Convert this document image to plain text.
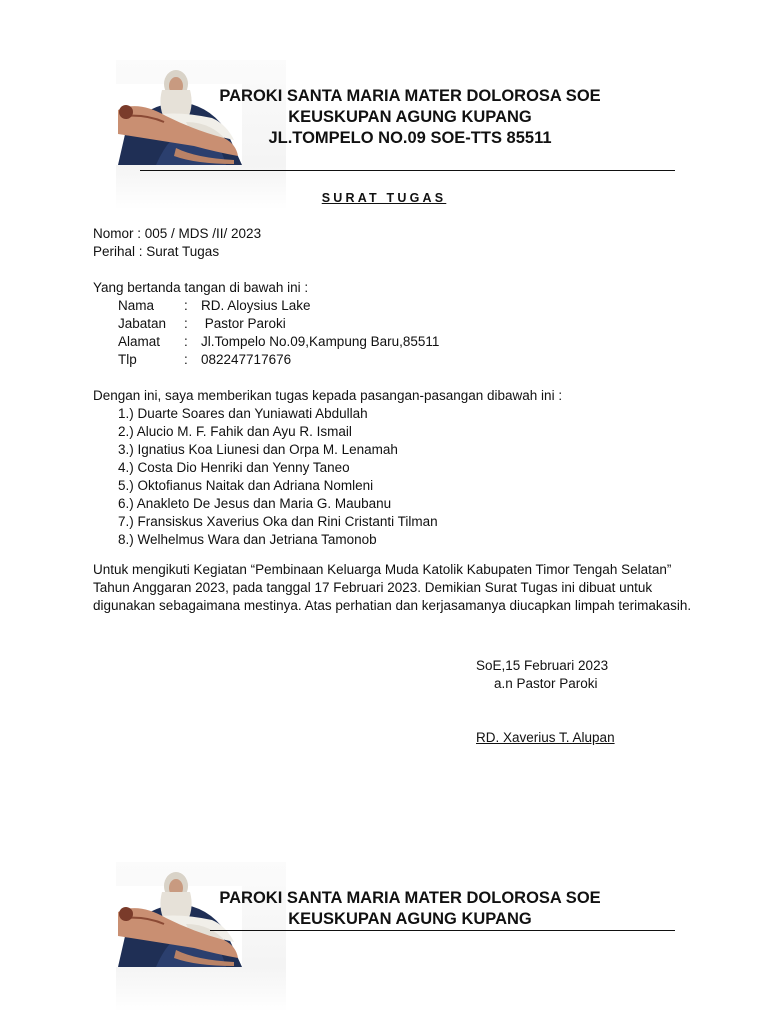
PAROKI SANTA MARIA MATER DOLOROSA SOE
KEUSKUPAN AGUNG KUPANG
JL.TOMPELO NO.09 SOE-TTS 85511
SURAT TUGAS
Nomor : 005 / MDS /II/ 2023
Perihal : Surat Tugas
Yang bertanda tangan di bawah ini :
Nama : RD. Aloysius Lake
Jabatan : Pastor Paroki
Alamat : Jl.Tompelo No.09,Kampung Baru,85511
Tlp	: 082247717676
Dengan ini, saya memberikan tugas kepada pasangan-pasangan dibawah ini :
1.) Duarte Soares dan Yuniawati Abdullah
2.) Alucio M. F. Fahik dan Ayu R. Ismail
3.) Ignatius Koa Liunesi dan Orpa M. Lenamah
4.) Costa Dio Henriki dan Yenny Taneo
5.) Oktofianus Naitak dan Adriana Nomleni
6.) Anakleto De Jesus dan Maria G. Maubanu
7.) Fransiskus Xaverius Oka dan Rini Cristanti Tilman
8.) Welhelmus Wara dan Jetriana Tamonob
Untuk mengikuti Kegiatan “Pembinaan Keluarga Muda Katolik Kabupaten Timor Tengah Selatan”
Tahun Anggaran 2023, pada tanggal 17 Februari 2023. Demikian Surat Tugas ini dibuat untuk
digunakan sebagaimana mestinya. Atas perhatian dan kerjasamanya diucapkan limpah terimakasih.
SoE,15 Februari 2023
a.n Pastor Paroki
RD. Xaverius T. Alupan
PAROKI SANTA MARIA MATER DOLOROSA SOE
KEUSKUPAN AGUNG KUPANG
